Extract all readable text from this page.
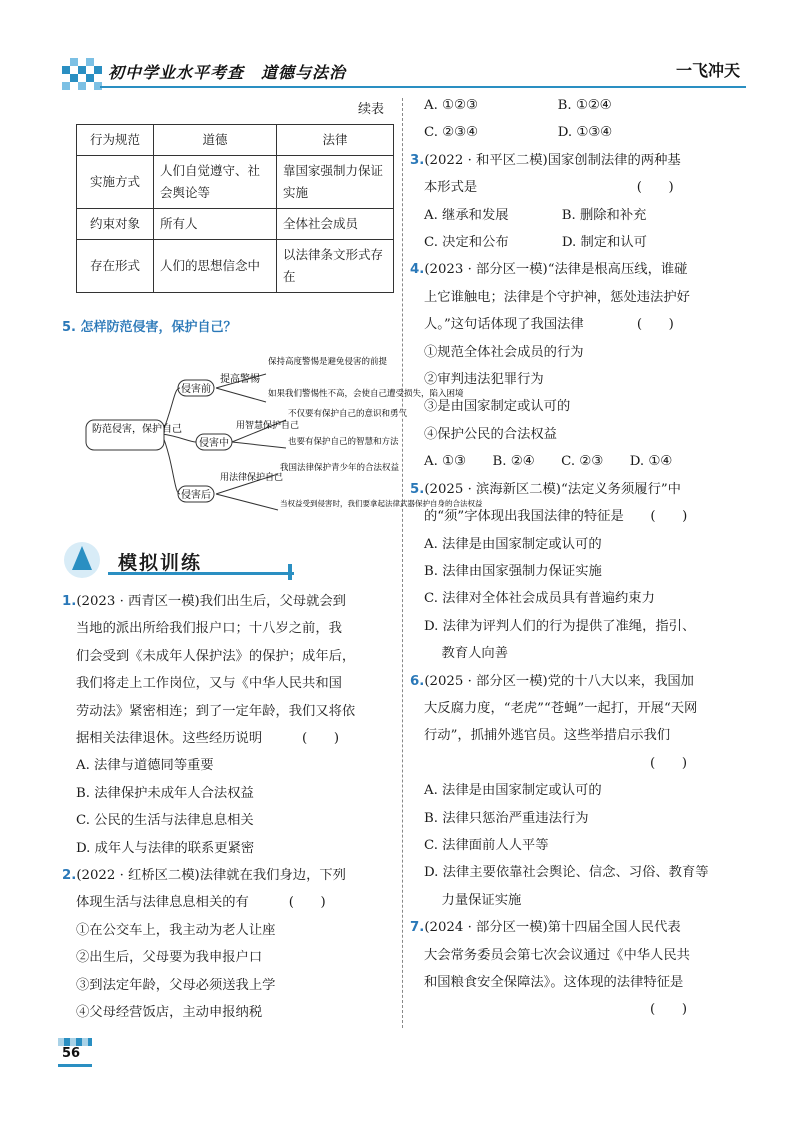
初中学业水平考查　道德与法治	一飞冲天
续表
行为规范	道德	法律
实施方式	人们自觉遵守、社会舆论等	靠国家强制力保证实施
约束对象	所有人	全体社会成员
存在形式	人们的思想信念中	以法律条文形式存在
5. 怎样防范侵害，保护自己？
防范侵害，保护自己
侵害前
提高警惕
保持高度警惕是避免侵害的前提
如果我们警惕性不高，会使自己遭受损失，陷入困境
侵害中
用智慧保护自己
不仅要有保护自己的意识和勇气
也要有保护自己的智慧和方法
侵害后
用法律保护自己
我国法律保护青少年的合法权益
当权益受到侵害时，我们要拿起法律武器保护自身的合法权益
模拟训练
1.(2023 · 西青区一模)我们出生后，父母就会到
当地的派出所给我们报户口；十八岁之前，我
们会受到《未成年人保护法》的保护；成年后，
我们将走上工作岗位，又与《中华人民共和国
劳动法》紧密相连；到了一定年龄，我们又将依
据相关法律退休。这些经历说明　　　(　　)
A. 法律与道德同等重要
B. 法律保护未成年人合法权益
C. 公民的生活与法律息息相关
D. 成年人与法律的联系更紧密
2.(2022 · 红桥区二模)法律就在我们身边，下列
体现生活与法律息息相关的有　　　(　　)
①在公交车上，我主动为老人让座
②出生后，父母要为我申报户口
③到法定年龄，父母必须送我上学
④父母经营饭店，主动申报纳税
A. ①②③　　　　　　B. ①②④
C. ②③④　　　　　　D. ①③④
3.(2022 · 和平区二模)国家创制法律的两种基
本形式是　　　　　　　　　　　　(　　)
A. 继承和发展　　　　B. 删除和补充
C. 决定和公布　　　　D. 制定和认可
4.(2023 · 部分区一模)“法律是根高压线，谁碰
上它谁触电；法律是个守护神，惩处违法护好
人。”这句话体现了我国法律　　　　(　　)
①规范全体社会成员的行为
②审判违法犯罪行为
③是由国家制定或认可的
④保护公民的合法权益
A. ①③　　B. ②④　　C. ②③　　D. ①④
5.(2025 · 滨海新区二模)“法定义务须履行”中
的“须”字体现出我国法律的特征是　　(　　)
A. 法律是由国家制定或认可的
B. 法律由国家强制力保证实施
C. 法律对全体社会成员具有普遍约束力
D. 法律为评判人们的行为提供了准绳，指引、
　 教育人向善
6.(2025 · 部分区一模)党的十八大以来，我国加
大反腐力度，“老虎”“苍蝇”一起打，开展“天网
行动”，抓捕外逃官员。这些举措启示我们
　　　　　　　　　　　　　　　　　(　　)
A. 法律是由国家制定或认可的
B. 法律只惩治严重违法行为
C. 法律面前人人平等
D. 法律主要依靠社会舆论、信念、习俗、教育等
　 力量保证实施
7.(2024 · 部分区一模)第十四届全国人民代表
大会常务委员会第七次会议通过《中华人民共
和国粮食安全保障法》。这体现的法律特征是
　　　　　　　　　　　　　　　　　(　　)
56
